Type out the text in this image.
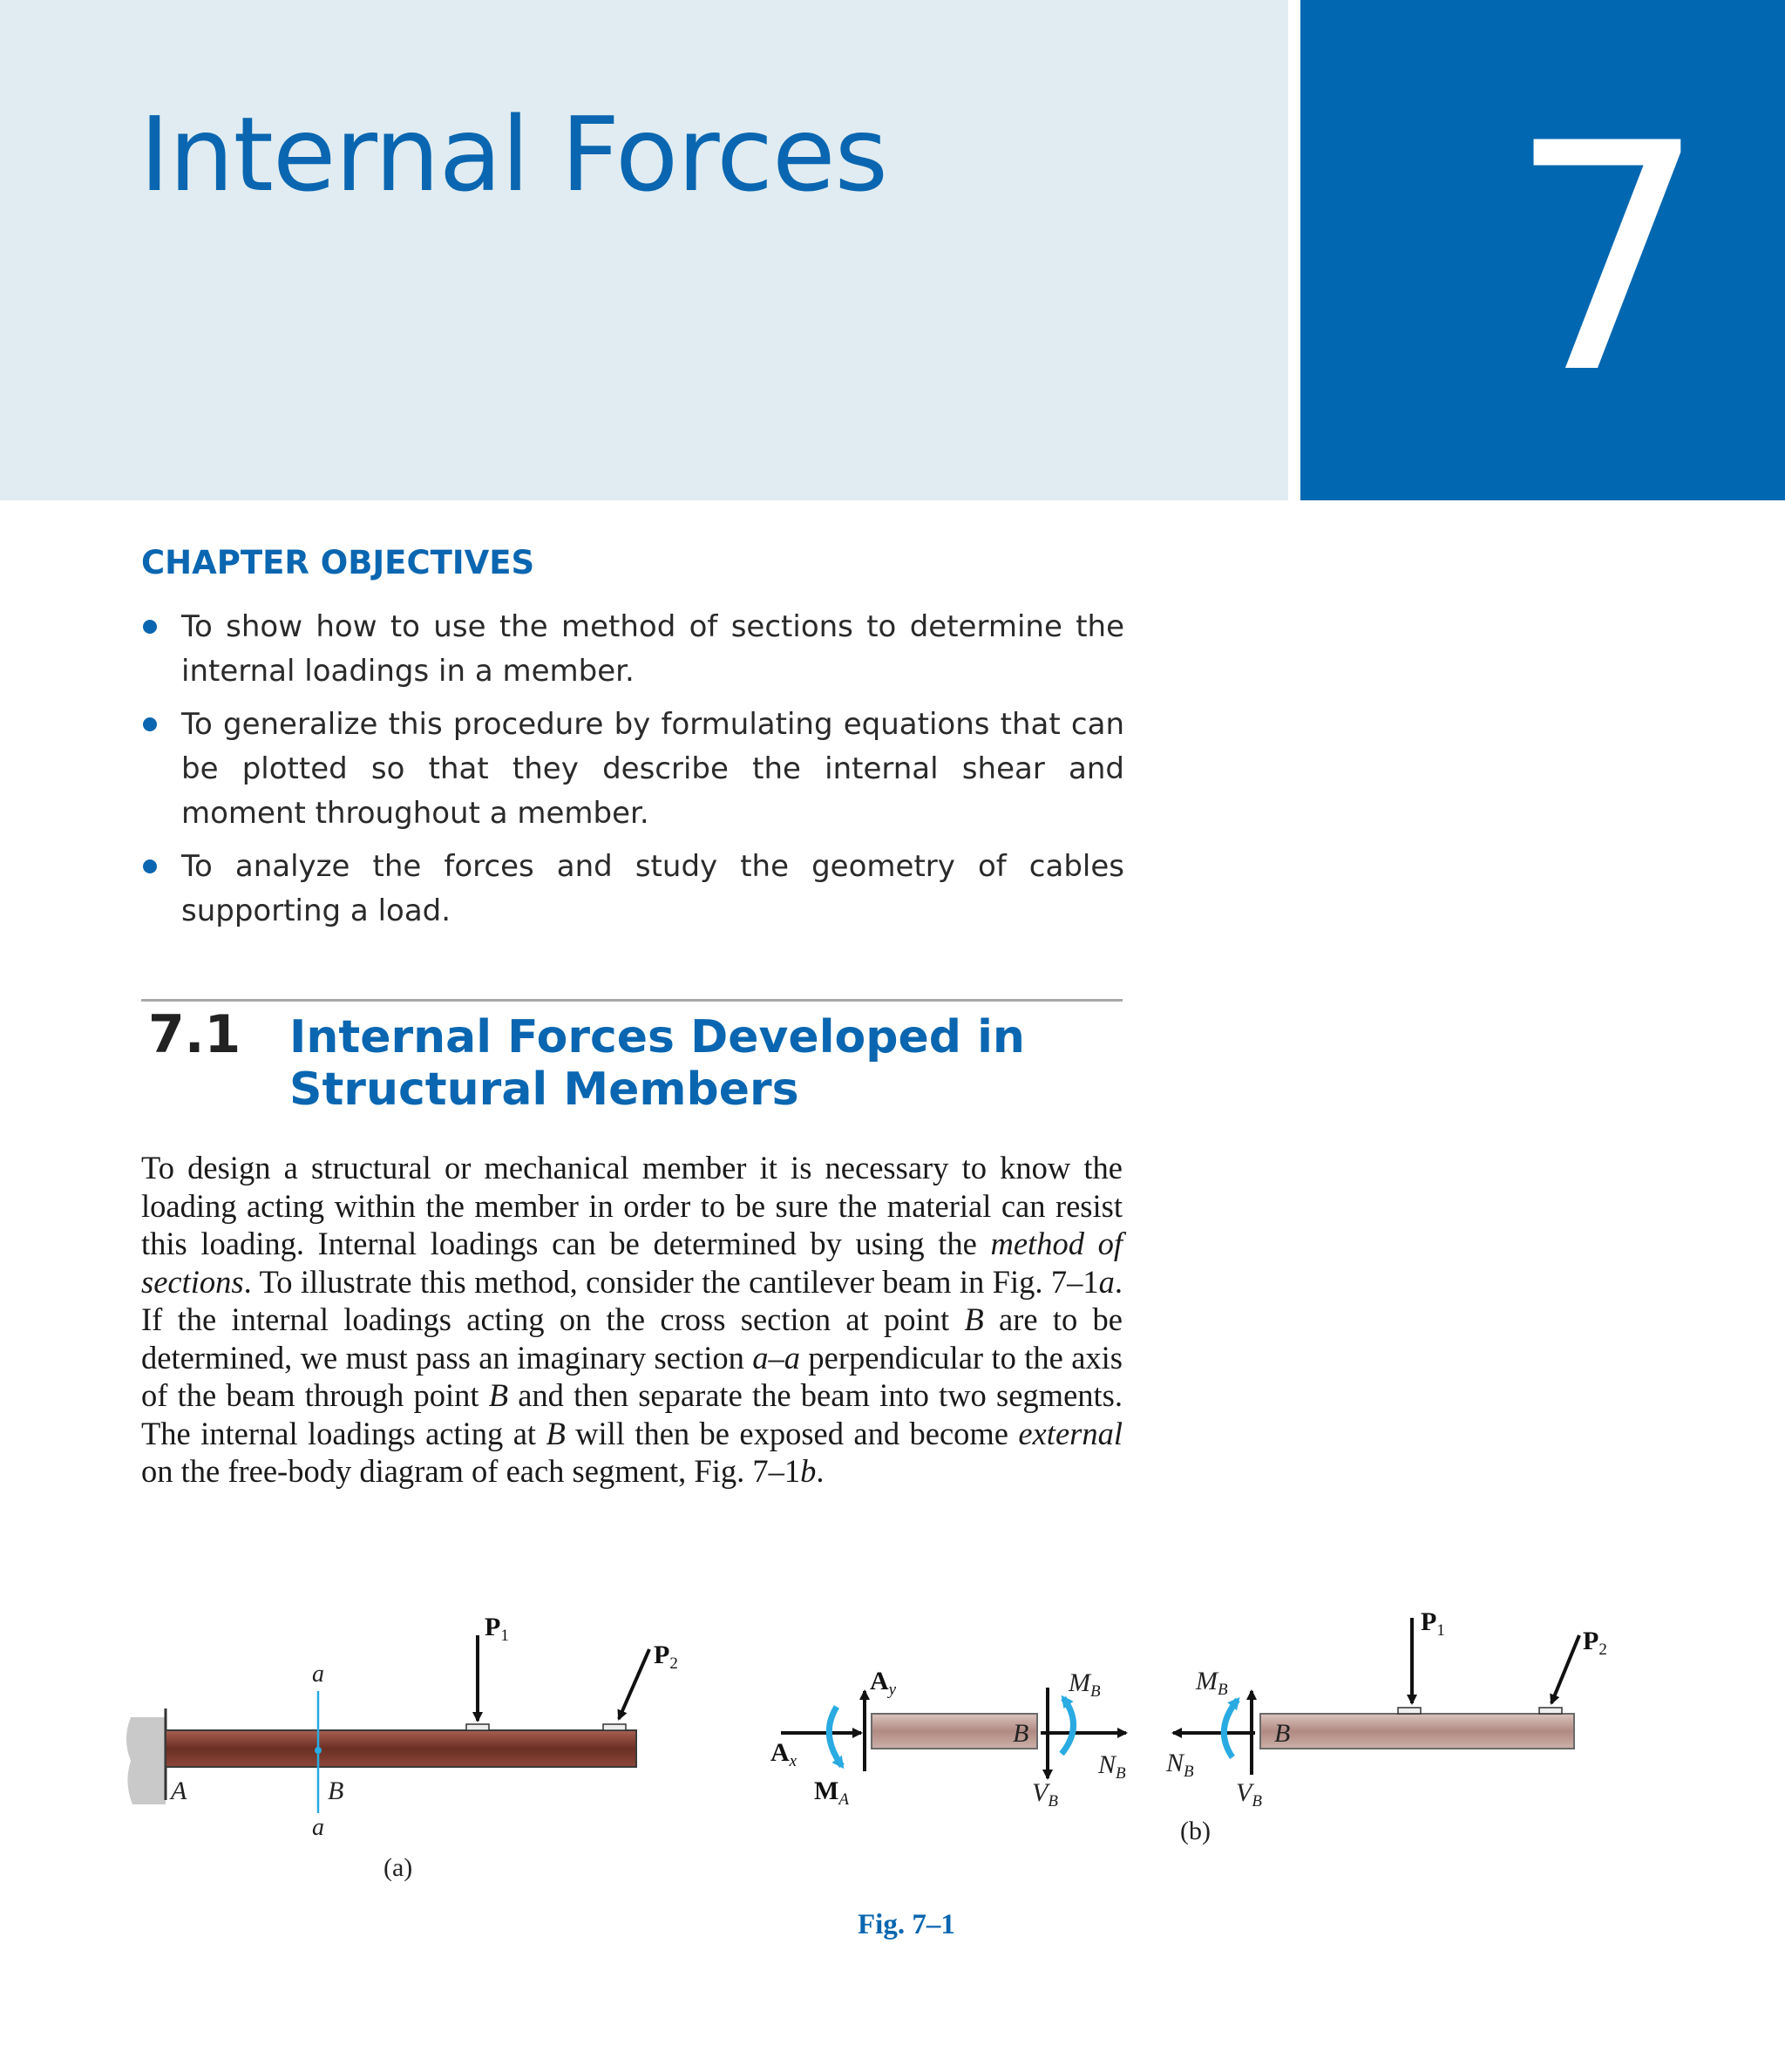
Internal Forces 7
CHAPTER OBJECTIVES
To show how to use the method of sections to determine the internal loadings in a member.
To generalize this procedure by formulating equations that can be plotted so that they describe the internal shear and moment throughout a member.
To analyze the forces and study the geometry of cables supporting a load.
7.1 Internal Forces Developed in
Structural Members

To design a structural or mechanical member it is necessary to know the loading acting within the member in order to be sure the material can resist this loading. Internal loadings can be determined by using the method of sections. To illustrate this method, consider the cantilever beam in Fig. 7–1a. If the internal loadings acting on the cross section at point B are to be determined, we must pass an imaginary section a–a perpendicular to the axis of the beam through point B and then separate the beam into two segments. The internal loadings acting at B will then be exposed and become external on the free-body diagram of each segment, Fig. 7–1b.

a
a
A	B
$P_1$
$P_2$
(a)
$A_y$
$A_x$
$M_A$
B
$M_B$
$N_B$
$V_B$
B
$M_B$
$N_B$
$V_B$
$P_1$	$P_2$
(b)

Fig. 7–1
